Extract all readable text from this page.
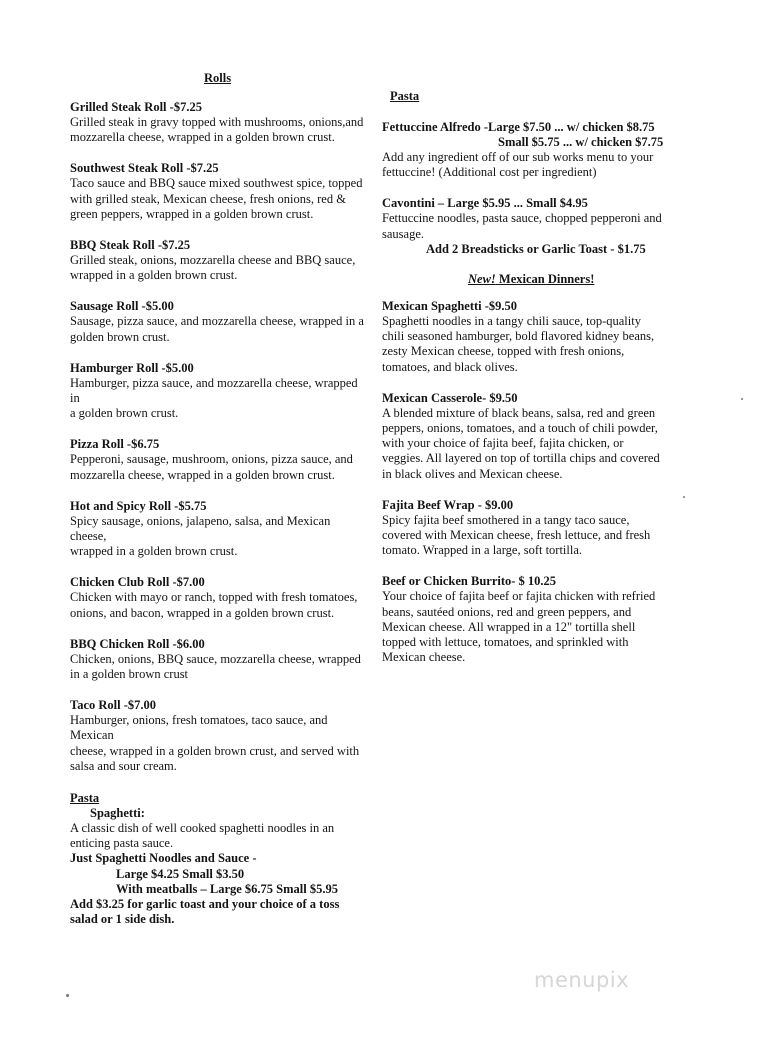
Rolls
Grilled Steak Roll -$7.25
Grilled steak in gravy topped with mushrooms, onions,and
mozzarella cheese, wrapped in a golden brown crust.
Southwest Steak Roll -$7.25
Taco sauce and BBQ sauce mixed southwest spice, topped
with grilled steak, Mexican cheese, fresh onions, red &
green peppers, wrapped in a golden brown crust.
BBQ Steak Roll -$7.25
Grilled steak, onions, mozzarella cheese and BBQ sauce,
wrapped in a golden brown crust.
Sausage Roll -$5.00
Sausage, pizza sauce, and mozzarella cheese, wrapped in a
golden brown crust.
Hamburger Roll -$5.00
Hamburger, pizza sauce, and mozzarella cheese, wrapped
in
a golden brown crust.
Pizza Roll -$6.75
Pepperoni, sausage, mushroom, onions, pizza sauce, and
mozzarella cheese, wrapped in a golden brown crust.
Hot and Spicy Roll -$5.75
Spicy sausage, onions, jalapeno, salsa, and Mexican
cheese,
wrapped in a golden brown crust.
Chicken Club Roll -$7.00
Chicken with mayo or ranch, topped with fresh tomatoes,
onions, and bacon, wrapped in a golden brown crust.
BBQ Chicken Roll -$6.00
Chicken, onions, BBQ sauce, mozzarella cheese, wrapped
in a golden brown crust
Taco Roll -$7.00
Hamburger, onions, fresh tomatoes, taco sauce, and
Mexican
cheese, wrapped in a golden brown crust, and served with
salsa and sour cream.
Pasta
Spaghetti:
A classic dish of well cooked spaghetti noodles in an
enticing pasta sauce.
Just Spaghetti Noodles and Sauce -
Large $4.25 Small $3.50
With meatballs – Large $6.75 Small $5.95
Add $3.25 for garlic toast and your choice of a toss
salad or 1 side dish.
Pasta
Fettuccine Alfredo -Large $7.50 ... w/ chicken $8.75
Small $5.75 ... w/ chicken $7.75
Add any ingredient off of our sub works menu to your
fettuccine! (Additional cost per ingredient)
Cavontini – Large $5.95 ... Small $4.95
Fettuccine noodles, pasta sauce, chopped pepperoni and
sausage.
Add 2 Breadsticks or Garlic Toast - $1.75
New! Mexican Dinners!
Mexican Spaghetti -$9.50
Spaghetti noodles in a tangy chili sauce, top-quality
chili seasoned hamburger, bold flavored kidney beans,
zesty Mexican cheese, topped with fresh onions,
tomatoes, and black olives.
Mexican Casserole- $9.50
A blended mixture of black beans, salsa, red and green
peppers, onions, tomatoes, and a touch of chili powder,
with your choice of fajita beef, fajita chicken, or
veggies. All layered on top of tortilla chips and covered
in black olives and Mexican cheese.
Fajita Beef Wrap - $9.00
Spicy fajita beef smothered in a tangy taco sauce,
covered with Mexican cheese, fresh lettuce, and fresh
tomato. Wrapped in a large, soft tortilla.
Beef or Chicken Burrito- $ 10.25
Your choice of fajita beef or fajita chicken with refried
beans, sautéed onions, red and green peppers, and
Mexican cheese. All wrapped in a 12" tortilla shell
topped with lettuce, tomatoes, and sprinkled with
Mexican cheese.
menupix
